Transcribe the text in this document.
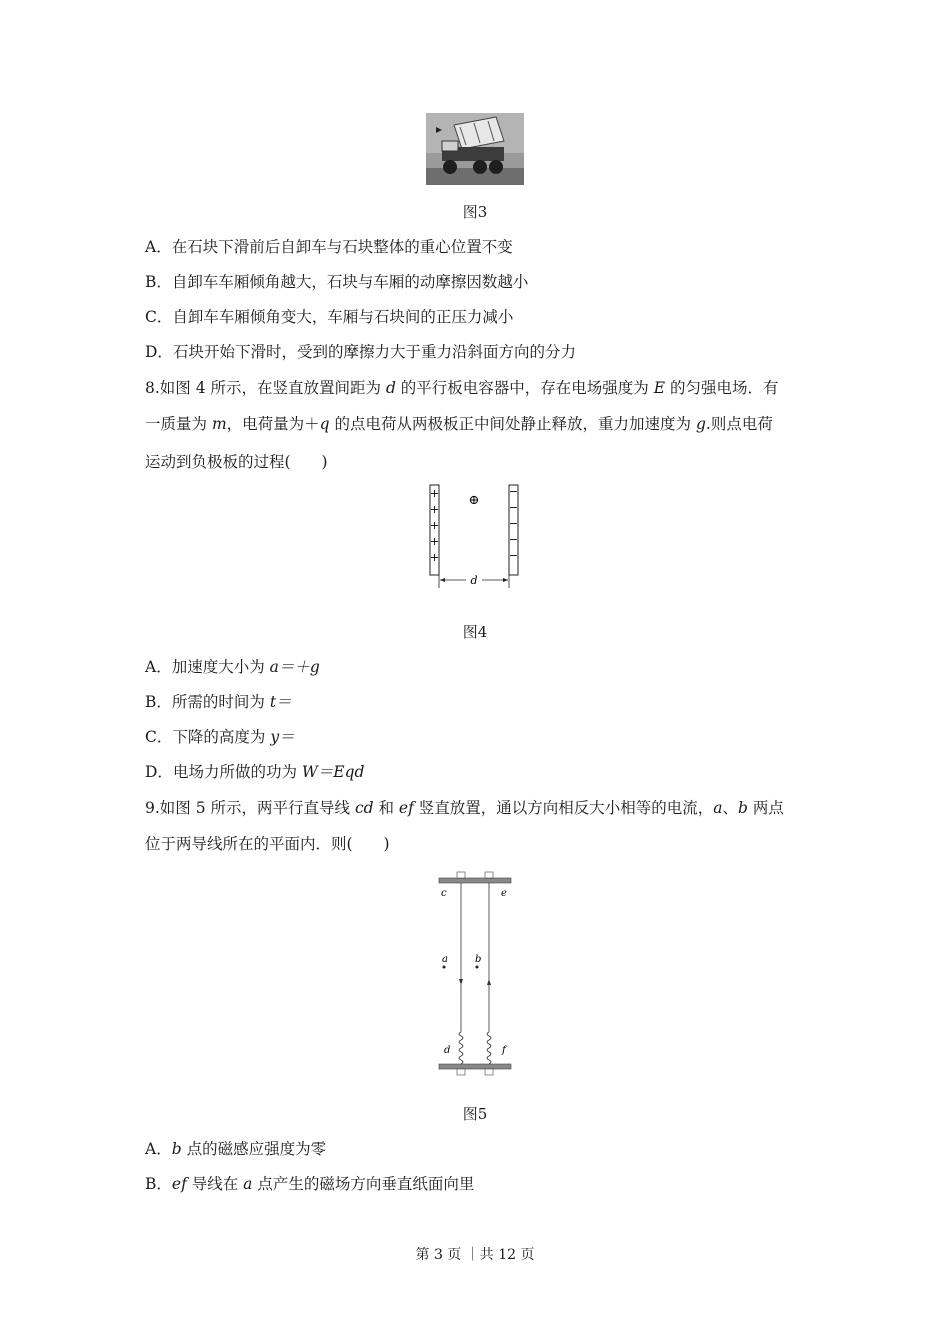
图3
A．在石块下滑前后自卸车与石块整体的重心位置不变
B．自卸车车厢倾角越大，石块与车厢的动摩擦因数越小
C．自卸车车厢倾角变大，车厢与石块间的正压力减小
D．石块开始下滑时，受到的摩擦力大于重力沿斜面方向的分力
8.如图 4 所示，在竖直放置间距为 d 的平行板电容器中，存在电场强度为 E 的匀强电场．有
一质量为 m，电荷量为＋q 的点电荷从两极板正中间处静止释放，重力加速度为 g.则点电荷
运动到负极板的过程(　　)
+
+
+
+
+
−
−
−
−
−
⊕
d
图4
A．加速度大小为 a＝＋g
B．所需的时间为 t＝
C．下降的高度为 y＝
D．电场力所做的功为 W＝Eqd
9.如图 5 所示，两平行直导线 cd 和 ef 竖直放置，通以方向相反大小相等的电流，a、b 两点
位于两导线所在的平面内．则(　　)
c	e
a	b
d	f
图5
A．b 点的磁感应强度为零
B．ef 导线在 a 点产生的磁场方向垂直纸面向里
第 3 页 ｜共 12 页
